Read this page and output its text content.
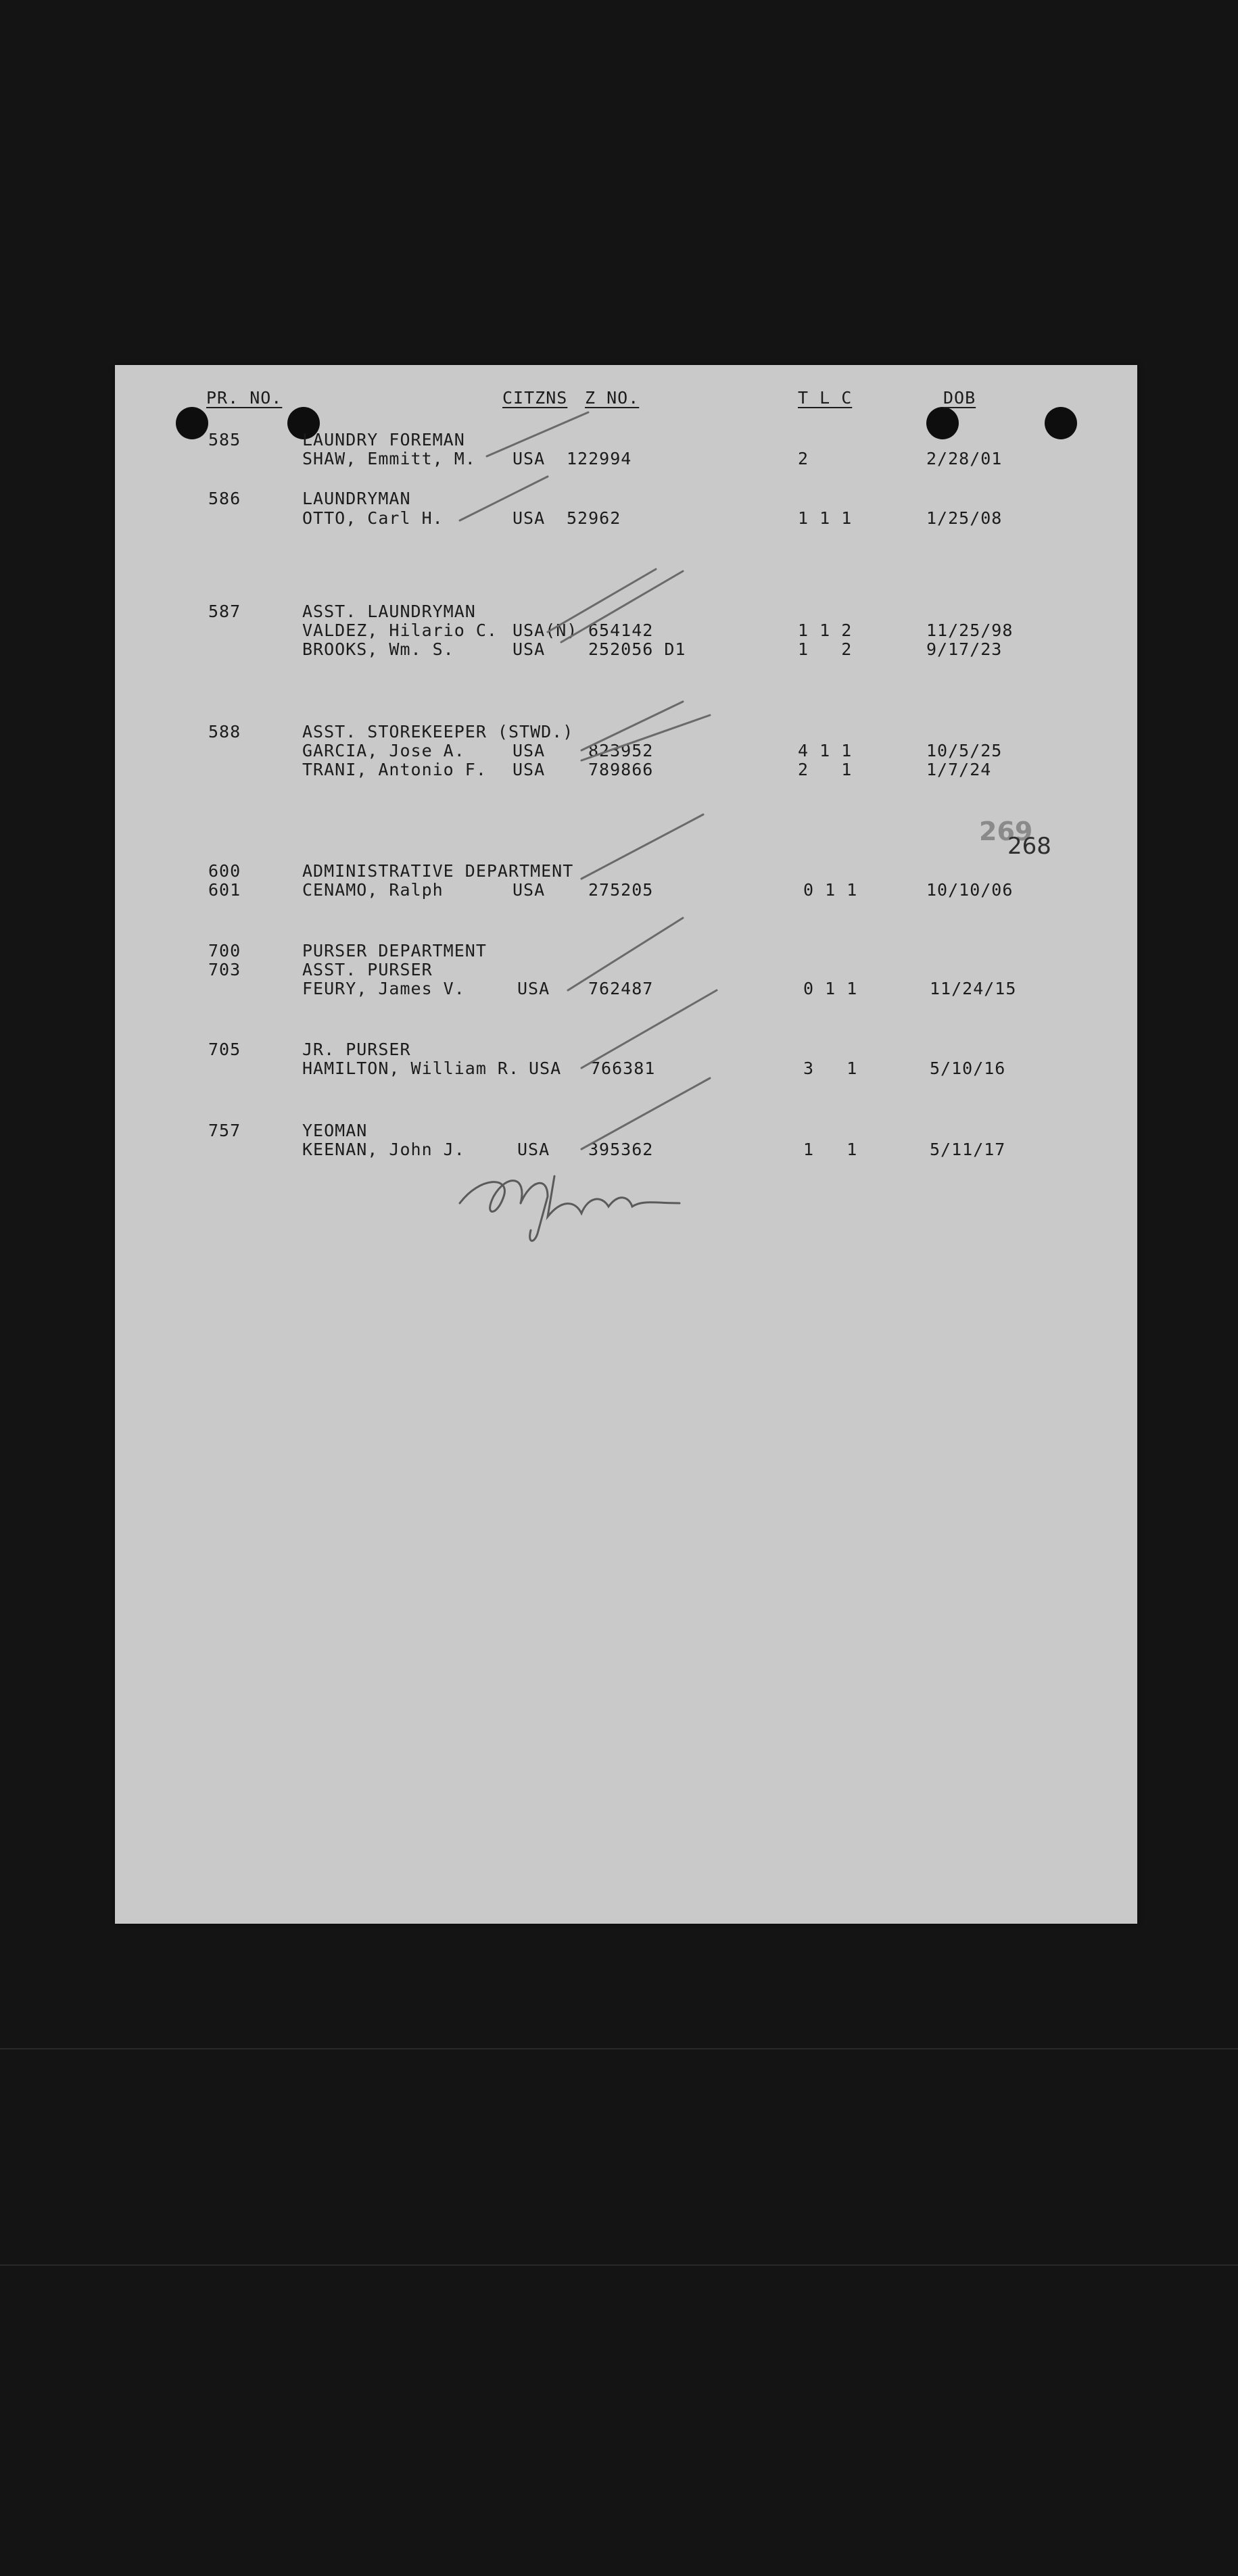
PR. NO.	CITZNS Z NO.	T L C	DOB
585	LAUNDRY FOREMAN
SHAW, Emmitt, M. USA 122994	2	2/28/01
586	LAUNDRYMAN
OTTO, Carl H.	USA 52962	1 1 1	1/25/08
587	ASST. LAUNDRYMAN
VALDEZ, Hilario C. USA(N) 654142	1 1 2	11/25/98
BROOKS, Wm. S.	USA	252056 D1	1   2	9/17/23
588	ASST. STOREKEEPER (STWD.)
GARCIA, Jose A.	USA	823952	4 1 1	10/5/25
TRANI, Antonio F. USA	789866	2   1	1/7/24
269
268
600	ADMINISTRATIVE DEPARTMENT
601	CENAMO, Ralph	USA	275205	0 1 1	10/10/06
700	PURSER DEPARTMENT
703	ASST. PURSER
FEURY, James V.	USA 762487	0 1 1	11/24/15
705	JR. PURSER
HAMILTON, William R. USA 766381	3   1	5/10/16
757	YEOMAN
KEENAN, John J.	USA 395362	1   1	5/11/17
